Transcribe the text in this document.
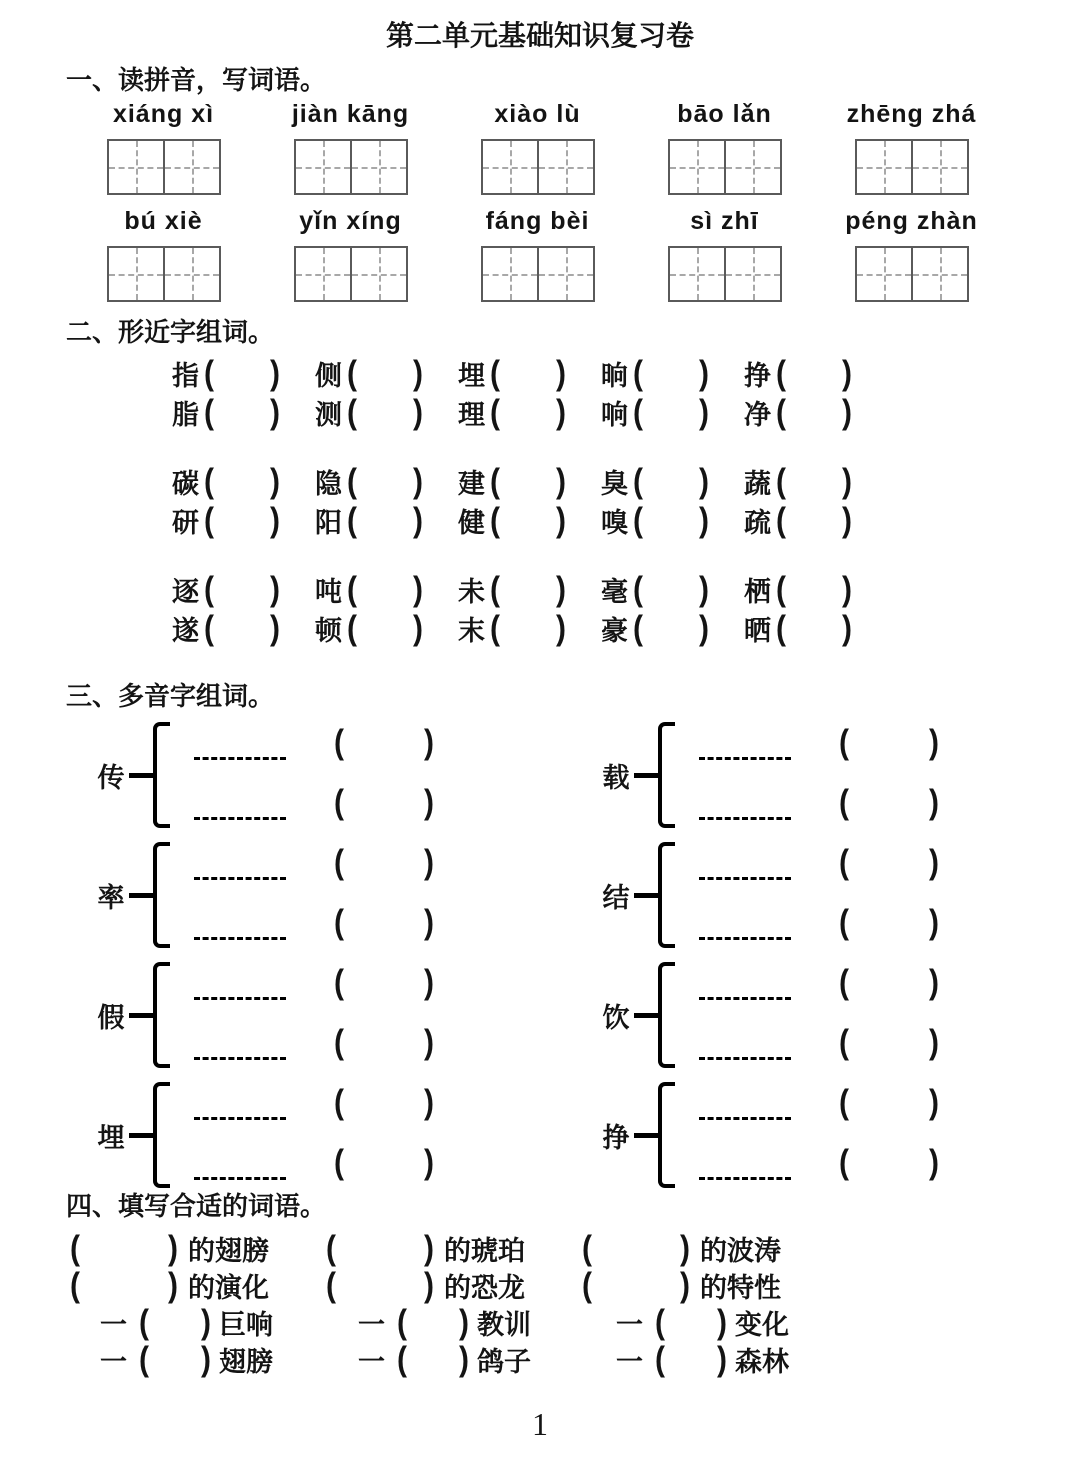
第二单元基础知识复习卷
一、读拼音，写词语。
xiáng xì	jiàn kāng	xiào lù	bāo lǎn	zhēng zhá
bú xiè	yǐn xíng	fáng bèi	sì zhī	péng zhàn
二、形近字组词。
指 ( ) 侧 ( ) 埋 ( ) 晌 ( ) 挣 ( )
脂 ( ) 测 ( ) 理 ( ) 响 ( ) 净 ( )
碳 ( ) 隐 ( ) 建 ( ) 臭 ( ) 蔬 ( )
研 ( ) 阳 ( ) 健 ( ) 嗅 ( ) 疏 ( )
逐 ( ) 吨 ( ) 未 ( ) 毫 ( ) 栖 ( )
遂 ( ) 顿 ( ) 末 ( ) 豪 ( ) 晒 ( )
三、多音字组词。
传
(	)
(	)
载
(	)
(	)
率
(	)
(	)
结
(	)
(	)
假
(	)
(	)
饮
(	)
(	)
埋
(	)
(	)
挣
(	)
(	)
四、填写合适的词语。
(	) 的翅膀 (	) 的琥珀 (	) 的波涛
(	) 的演化 (	) 的恐龙 (	) 的特性
一 ( ) 巨响	一 ( ) 教训	一 ( ) 变化
一 ( ) 翅膀	一 ( ) 鸽子	一 ( ) 森林
1
